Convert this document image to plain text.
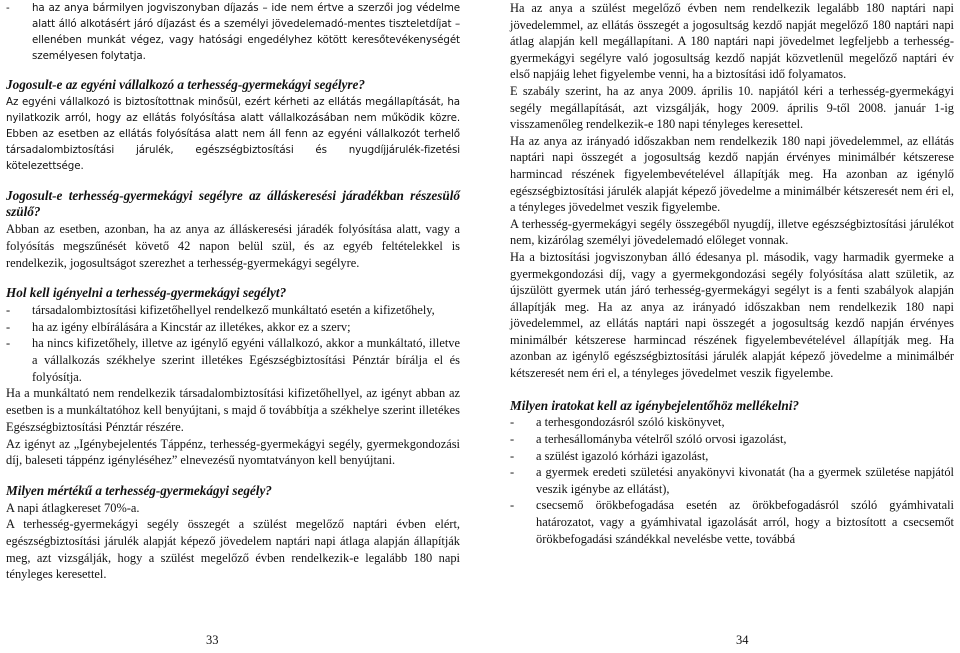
-	ha az anya bármilyen jogviszonyban díjazás – ide nem értve a szerzői jog védelme alatt álló alkotásért járó díjazást és a személyi jövedelemadó-mentes tiszteletdíjat – ellenében munkát végez, vagy hatósági engedélyhez kötött keresőtevékenységét személyesen folytatja.
Jogosult-e az egyéni vállalkozó a terhesség-gyermekágyi segélyre?

Az egyéni vállalkozó is biztosítottnak minősül, ezért kérheti az ellátás megállapítását, ha nyilatkozik arról, hogy az ellátás folyósítása alatt vállalkozásában nem működik közre. Ebben az esetben az ellátás folyósítása alatt nem áll fenn az egyéni vállalkozót terhelő társadalombiztosítási járulék, egészségbiztosítási és nyugdíjjárulék-fizetési kötelezettsége.

Jogosult-e terhesség-gyermekágyi segélyre az álláskeresési járadékban részesülő szülő?

Abban az esetben, azonban, ha az anya az álláskeresési járadék folyósítása alatt, vagy a folyósítás megszűnését követő 42 napon belül szül, és az egyéb feltételekkel is rendelkezik, jogosultságot szerezhet a terhesség-gyermekágyi segélyre.

Hol kell igényelni a terhesség-gyermekágyi segélyt?
-	társadalombiztosítási kifizetőhellyel rendelkező munkáltató esetén a kifizetőhely,
-	ha az igény elbírálására a Kincstár az illetékes, akkor ez a szerv;
-	ha nincs kifizetőhely, illetve az igénylő egyéni vállalkozó, akkor a munkáltató, illetve a vállalkozás székhelye szerint illetékes Egészségbiztosítási Pénztár bírálja el és folyósítja.

Ha a munkáltató nem rendelkezik társadalombiztosítási kifizetőhellyel, az igényt abban az esetben is a munkáltatóhoz kell benyújtani, s majd ő továbbítja a székhelye szerint illetékes Egészségbiztosítási Pénztár részére.

Az igényt az „Igénybejelentés Táppénz, terhesség-gyermekágyi segély, gyermekgondozási díj, baleseti táppénz igényléséhez” elnevezésű nyomtatványon kell benyújtani.

Milyen mértékű a terhesség-gyermekágyi segély?

A napi átlagkereset 70%-a.

A terhesség-gyermekágyi segély összegét a szülést megelőző naptári évben elért, egészségbiztosítási járulék alapját képező jövedelem naptári napi átlaga alapján állapítják meg, azt vizsgálják, hogy a szülést megelőző évben rendelkezik-e legalább 180 napi tényleges keresettel.

33

Ha az anya a szülést megelőző évben nem rendelkezik legalább 180 naptári napi jövedelemmel, az ellátás összegét a jogosultság kezdő napját megelőző 180 naptári napi átlag alapján kell megállapítani. A 180 naptári napi jövedelmet legfeljebb a terhesség-gyermekágyi segélyre való jogosultság kezdő napját közvetlenül megelőző naptári év első napjáig lehet figyelembe venni, ha a biztosítási idő folyamatos.

E szabály szerint, ha az anya 2009. április 10. napjától kéri a terhesség-gyermekágyi segély megállapítását, azt vizsgálják, hogy 2009. április 9-től 2008. január 1-ig visszamenőleg rendelkezik-e 180 napi tényleges keresettel.

Ha az anya az irányadó időszakban nem rendelkezik 180 napi jövedelemmel, az ellátás naptári napi összegét a jogosultság kezdő napján érvényes minimálbér kétszerese harmincad részének figyelembevételével állapítják meg. Ha azonban az igénylő egészségbiztosítási járulék alapját képező jövedelme a minimálbér kétszeresét nem éri el, a tényleges jövedelmet veszik figyelembe.

A terhesség-gyermekágyi segély összegéből nyugdíj, illetve egészségbiztosítási járulékot nem, kizárólag személyi jövedelemadó előleget vonnak.

Ha a biztosítási jogviszonyban álló édesanya pl. második, vagy harmadik gyermeke a gyermekgondozási díj, vagy a gyermekgondozási segély folyósítása alatt születik, az újszülött gyermek után járó terhesség-gyermekágyi segélyt is a fenti szabályok alapján állapítják meg. Ha az anya az irányadó időszakban nem rendelkezik 180 napi jövedelemmel, az ellátás naptári napi összegét a jogosultság kezdő napján érvényes minimálbér kétszerese harmincad részének figyelembevételével állapítják meg. Ha azonban az igénylő egészségbiztosítási járulék alapját képező jövedelme a minimálbér kétszeresét nem éri el, a tényleges jövedelmet veszik figyelembe.

Milyen iratokat kell az igénybejelentőhöz mellékelni?
-	a terhesgondozásról szóló kiskönyvet,
-	a terhesállományba vételről szóló orvosi igazolást,
-	a szülést igazoló kórházi igazolást,
-	a gyermek eredeti születési anyakönyvi kivonatát (ha a gyermek születése napjától veszik igénybe az ellátást),
-	csecsemő örökbefogadása esetén az örökbefogadásról szóló gyámhivatali határozatot, vagy a gyámhivatal igazolását arról, hogy a biztosított a csecsemőt örökbefogadási szándékkal nevelésbe vette, továbbá
34
